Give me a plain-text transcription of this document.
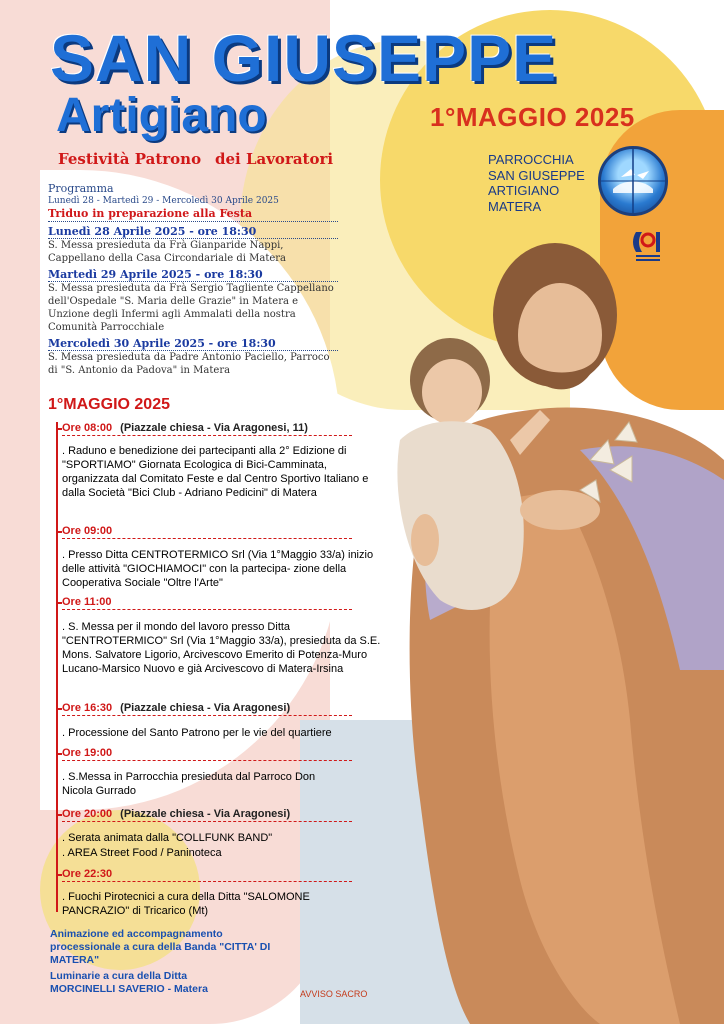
SAN GIUSEPPE
Artigiano	1°MAGGIO 2025
Festività Patrono dei Lavoratori	PARROCCHIA
SAN GIUSEPPE
ARTIGIANO
MATERA
Programma
Lunedì 28 - Martedì 29 - Mercoledì 30 Aprile 2025
Triduo in preparazione alla Festa
Lunedì 28 Aprile 2025 - ore 18:30
S. Messa presieduta da Frà Gianparide Nappi, Cappellano della Casa Circondariale di Matera
Martedì 29 Aprile 2025 - ore 18:30
S. Messa presieduta da Frà Sergio Tagliente Cappellano dell'Ospedale "S. Maria delle Grazie" in Matera e Unzione degli Infermi agli Ammalati della nostra Comunità Parrocchiale
Mercoledì 30 Aprile 2025 - ore 18:30
S. Messa presieduta da Padre Antonio Paciello, Parroco di "S. Antonio da Padova" in Matera
1°MAGGIO 2025
Ore 08:00 (Piazzale chiesa - Via Aragonesi, 11)
. Raduno e benedizione dei partecipanti alla 2° Edizione di "SPORTIAMO" Giornata Ecologica di Bici-Camminata, organizzata dal Comitato Feste e dal Centro Sportivo Italiano e dalla Società "Bici Club - Adriano Pedicini" di Matera
Ore 09:00
. Presso Ditta CENTROTERMICO Srl (Via 1°Maggio 33/a) inizio delle attività "GIOCHIAMOCI" con la partecipa- zione della Cooperativa Sociale "Oltre l'Arte"
Ore 11:00
. S. Messa per il mondo del lavoro presso Ditta "CENTROTERMICO" Srl (Via 1°Maggio 33/a), presieduta da S.E. Mons. Salvatore Ligorio, Arcivescovo Emerito di Potenza-Muro Lucano-Marsico Nuovo e già Arcivescovo di Matera-Irsina
Ore 16:30 (Piazzale chiesa - Via Aragonesi)
. Processione del Santo Patrono per le vie del quartiere
Ore 19:00
. S.Messa in Parrocchia presieduta dal Parroco Don Nicola Gurrado
Ore 20:00 (Piazzale chiesa - Via Aragonesi)
. Serata animata dalla "COLLFUNK BAND"
. AREA Street Food / Paninoteca
Ore 22:30
. Fuochi Pirotecnici a cura della Ditta "SALOMONE PANCRAZIO" di Tricarico (Mt)
Animazione ed accompagnamento processionale a cura della Banda "CITTA' DI MATERA"
Luminarie a cura della Ditta
MORCINELLI SAVERIO - Matera	AVVISO SACRO
